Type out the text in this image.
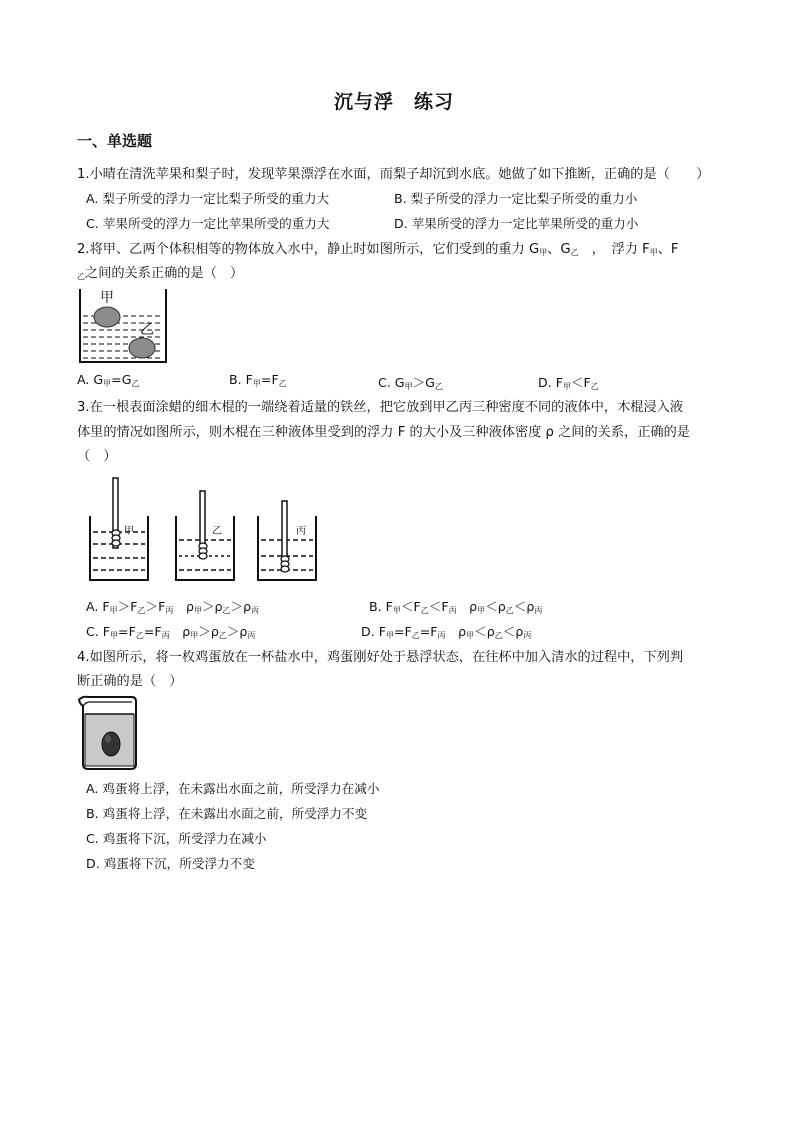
沉与浮　练习
一、单选题
1.小晴在清洗苹果和梨子时，发现苹果漂浮在水面，而梨子却沉到水底。她做了如下推断，正确的是（　　）
A. 梨子所受的浮力一定比梨子所受的重力大	B. 梨子所受的浮力一定比梨子所受的重力小
C. 苹果所受的浮力一定比苹果所受的重力大	D. 苹果所受的浮力一定比苹果所受的重力小
2.将甲、乙两个体积相等的物体放入水中，静止时如图所示，它们受到的重力 $G_甲$、$G_乙$　，　浮力 $F_甲$、F
$_乙$之间的关系正确的是（　）
甲
乙
A. $G_甲=G_乙$	B. $F_甲=F_乙$	C. $G_甲>G_乙$	D. $F_甲<F_乙$
3.在一根表面涂蜡的细木棍的一端绕着适量的铁丝，把它放到甲乙丙三种密度不同的液体中，木棍浸入液
体里的情况如图所示，则木棍在三种液体里受到的浮力 F 的大小及三种液体密度 ρ 之间的关系，正确的是
（　）
甲	乙	丙
A. $F_甲>F_乙>F_丙$　$\rho_甲>\rho_乙>\rho_丙$	B. $F_甲<F_乙<F_丙$　$\rho_甲<\rho_乙<\rho_丙$
C. $F_甲=F_乙=F_丙$　$\rho_甲>\rho_乙>\rho_丙$	D. $F_甲=F_乙=F_丙$　$\rho_甲<\rho_乙<\rho_丙$
4.如图所示，将一枚鸡蛋放在一杯盐水中，鸡蛋刚好处于悬浮状态，在往杯中加入清水的过程中，下列判
断正确的是（　）
A. 鸡蛋将上浮，在未露出水面之前，所受浮力在减小
B. 鸡蛋将上浮，在未露出水面之前，所受浮力不变
C. 鸡蛋将下沉，所受浮力在减小
D. 鸡蛋将下沉，所受浮力不变
